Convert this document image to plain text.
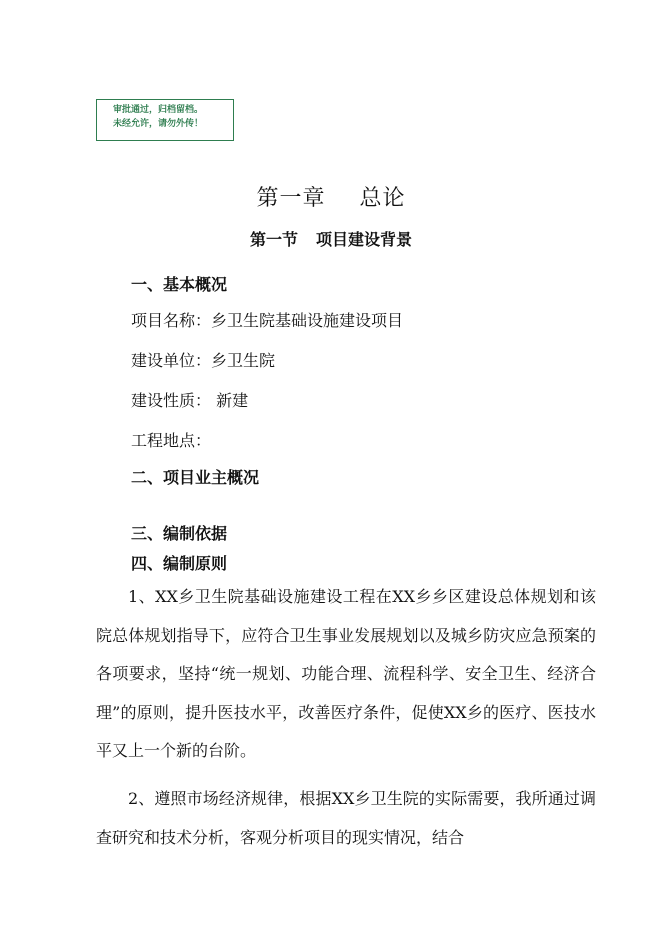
审批通过，归档留档。
未经允许，请勿外传！
第一章 总论
第一节 项目建设背景
一、基本概况
项目名称：乡卫生院基础设施建设项目
建设单位：乡卫生院
建设性质： 新建
工程地点：
二、项目业主概况
三、编制依据
四、编制原则
1、XX乡卫生院基础设施建设工程在XX乡乡区建设总体规划和该院总体规划指导下，应符合卫生事业发展规划以及城乡防灾应急预案的各项要求，坚持“统一规划、功能合理、流程科学、安全卫生、经济合理”的原则，提升医技水平，改善医疗条件，促使XX乡的医疗、医技水平又上一个新的台阶。
2、遵照市场经济规律，根据XX乡卫生院的实际需要，我所通过调查研究和技术分析，客观分析项目的现实情况，结合
